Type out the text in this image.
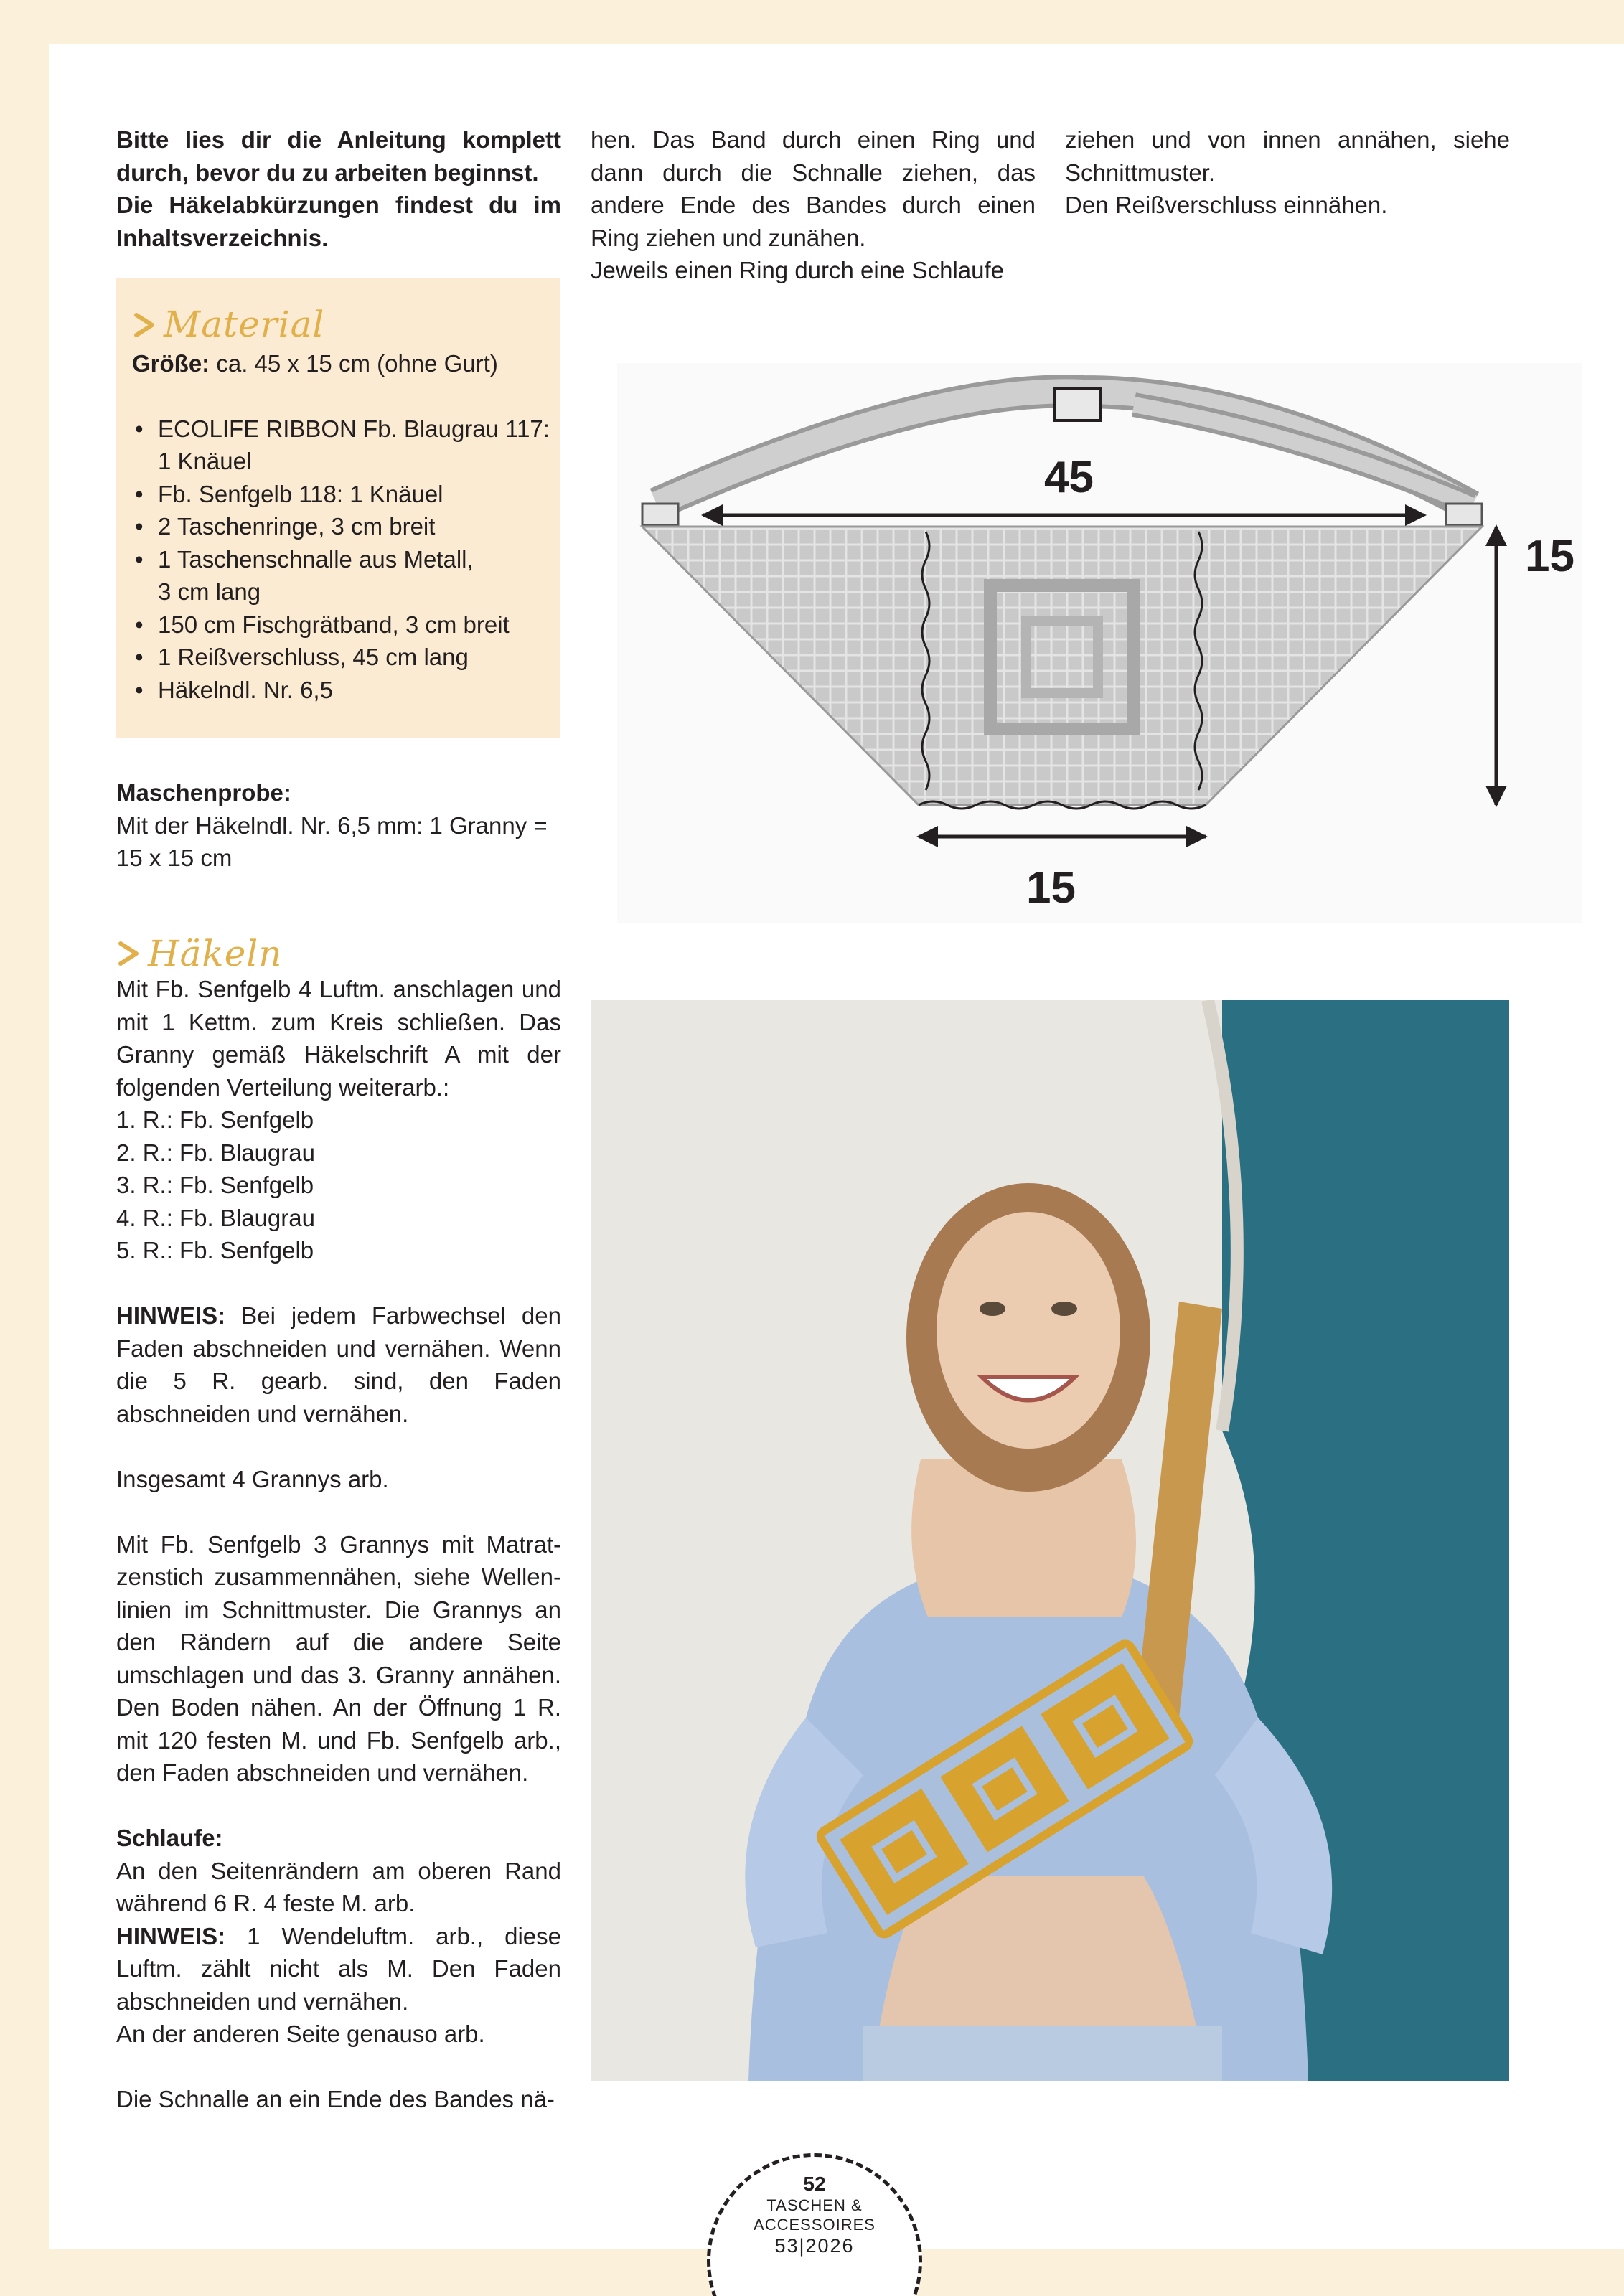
Bitte lies dir die Anleitung komplett durch, bevor du zu arbeiten beginnst.

Die Häkelabkürzungen findest du im Inhaltsverzeichnis.

Material

Größe: ca. 45 x 15 cm (ohne Gurt)

• ECOLIFE RIBBON Fb. Blaugrau 117:
1 Knäuel
• Fb. Senfgelb 118: 1 Knäuel
• 2 Taschenringe, 3 cm breit
• 1 Taschenschnalle aus Metall,
3 cm lang
• 150 cm Fischgrätband, 3 cm breit
• 1 Reißverschluss, 45 cm lang
• Häkelndl. Nr. 6,5

Maschenprobe:

Mit der Häkelndl. Nr. 6,5 mm: 1 Granny = 15 x 15 cm

Häkeln

Mit Fb. Senfgelb 4 Luftm. anschlagen und mit 1 Kettm. zum Kreis schließen. Das Granny gemäß Häkelschrift A mit der folgenden Verteilung weiterarb.:

1. R.: Fb. Senfgelb

2. R.: Fb. Blaugrau

3. R.: Fb. Senfgelb

4. R.: Fb. Blaugrau

5. R.: Fb. Senfgelb

HINWEIS: Bei jedem Farbwechsel den Faden abschneiden und vernähen. Wenn die 5 R. gearb. sind, den Faden abschneiden und vernähen.

Insgesamt 4 Grannys arb.

Mit Fb. Senfgelb 3 Grannys mit Matrat-zenstich zusammennähen, siehe Wellen-linien im Schnittmuster. Die Grannys an den Rändern auf die andere Seite umschlagen und das 3. Granny annähen. Den Boden nähen. An der Öffnung 1 R. mit 120 festen M. und Fb. Senfgelb arb., den Faden abschneiden und vernähen.

Schlaufe:

An den Seitenrändern am oberen Rand während 6 R. 4 feste M. arb.

HINWEIS: 1 Wendeluftm. arb., diese Luftm. zählt nicht als M. Den Faden abschneiden und vernähen.

An der anderen Seite genauso arb.

Die Schnalle an ein Ende des Bandes nä-

hen. Das Band durch einen Ring und dann durch die Schnalle ziehen, das andere Ende des Bandes durch einen Ring ziehen und zunähen.

Jeweils einen Ring durch eine Schlaufe

ziehen und von innen annähen, siehe Schnittmuster.

Den Reißverschluss einnähen.

45
15
15
52
TASCHEN &
ACCESSOIRES
53|2026
